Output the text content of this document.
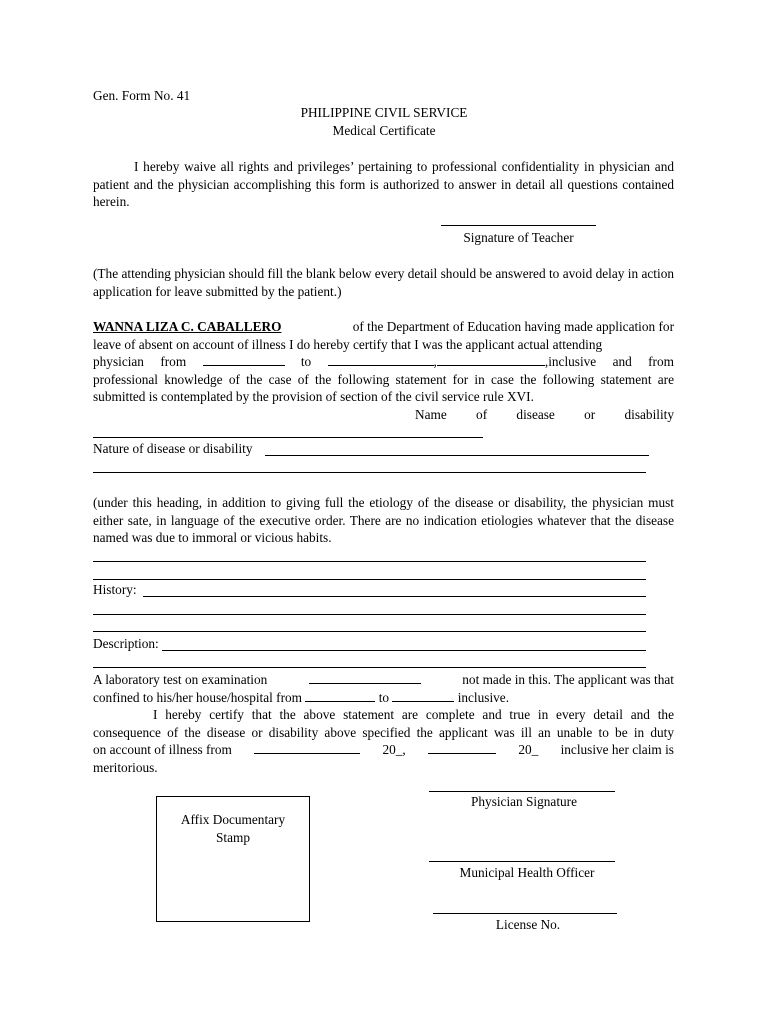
Gen. Form No. 41
PHILIPPINE CIVIL SERVICE
Medical Certificate
I hereby waive all rights and privileges’ pertaining to professional confidentiality in physician and patient and the physician accomplishing this form is authorized to answer in detail all questions contained herein.
Signature of Teacher
(The attending physician should fill the blank below every detail should be answered to avoid delay in action application for leave submitted by the patient.)
WANNA LIZA C. CABALLERO	of the Department of Education having made application for
leave of absent on account of illness I do hereby certify that I was the applicant actual attending
physician from	to	,	,inclusive and from
professional knowledge of the case of the following statement for in case the following statement are
submitted is contemplated by the provision of section of the civil service rule XVI.
Name of disease or disability
Nature of disease or disability
(under this heading, in addition to giving full the etiology of the disease or disability, the physician must either sate, in language of the executive order. There are no indication etiologies whatever that the disease named was due to immoral or vicious habits.
History:
Description:
A laboratory test on examination	not made in this. The applicant was that
confined to his/her house/hospital from	to	inclusive.
I hereby certify that the above statement are complete and true in every detail and the
consequence of the disease or disability above specified the applicant was ill an unable to be in duty
on account of illness from	20_,	20_ inclusive her claim is
meritorious.
Physician Signature
Affix Documentary
Stamp
Municipal Health Officer
License No.
